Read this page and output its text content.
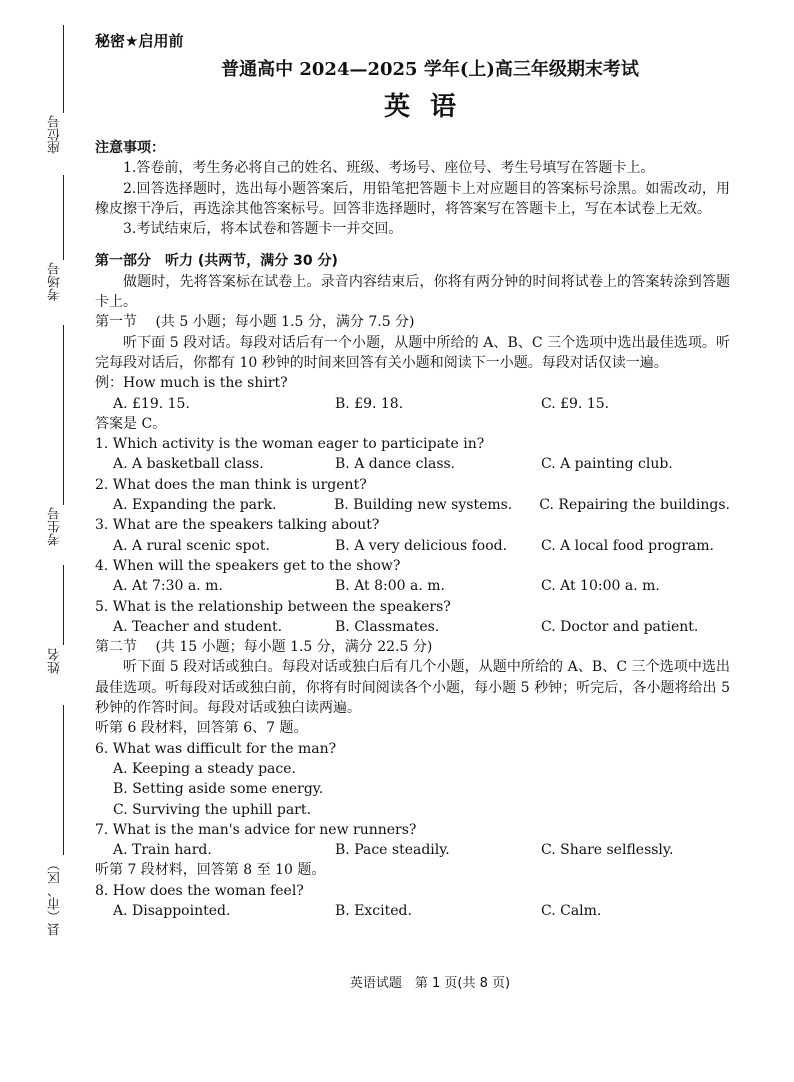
座位号
考场号
考生号
姓名
县（市、区）
秘密★启用前
普通高中 2024—2025 学年(上)高三年级期末考试
英语
注意事项：
1.答卷前，考生务必将自己的姓名、班级、考场号、座位号、考生号填写在答题卡上。
2.回答选择题时，选出每小题答案后，用铅笔把答题卡上对应题目的答案标号涂黑。如需改动，用橡皮擦干净后，再选涂其他答案标号。回答非选择题时，将答案写在答题卡上，写在本试卷上无效。
3.考试结束后，将本试卷和答题卡一并交回。
第一部分　听力 (共两节，满分 30 分)
做题时，先将答案标在试卷上。录音内容结束后，你将有两分钟的时间将试卷上的答案转涂到答题卡上。
第一节　 (共 5 小题；每小题 1.5 分，满分 7.5 分)
听下面 5 段对话。每段对话后有一个小题，从题中所给的 A、B、C 三个选项中选出最佳选项。听完每段对话后，你都有 10 秒钟的时间来回答有关小题和阅读下一小题。每段对话仅读一遍。
例：How much is the shirt?
A. £19. 15.	B. £9. 18.	C. £9. 15.
答案是 C。
1. Which activity is the woman eager to participate in?
A. A basketball class.	B. A dance class.	C. A painting club.
2. What does the man think is urgent?
A. Expanding the park.	B. Building new systems.	C. Repairing the buildings.
3. What are the speakers talking about?
A. A rural scenic spot.	B. A very delicious food.	C. A local food program.
4. When will the speakers get to the show?
A. At 7:30 a. m.	B. At 8:00 a. m.	C. At 10:00 a. m.
5. What is the relationship between the speakers?
A. Teacher and student.	B. Classmates.	C. Doctor and patient.
第二节　 (共 15 小题；每小题 1.5 分，满分 22.5 分)
听下面 5 段对话或独白。每段对话或独白后有几个小题，从题中所给的 A、B、C 三个选项中选出最佳选项。听每段对话或独白前，你将有时间阅读各个小题，每小题 5 秒钟；听完后，各小题将给出 5 秒钟的作答时间。每段对话或独白读两遍。
听第 6 段材料，回答第 6、7 题。
6. What was difficult for the man?
A. Keeping a steady pace.
B. Setting aside some energy.
C. Surviving the uphill part.
7. What is the man's advice for new runners?
A. Train hard.	B. Pace steadily.	C. Share selflessly.
听第 7 段材料，回答第 8 至 10 题。
8. How does the woman feel?
A. Disappointed.	B. Excited.	C. Calm.
英语试题　第 1 页(共 8 页)
